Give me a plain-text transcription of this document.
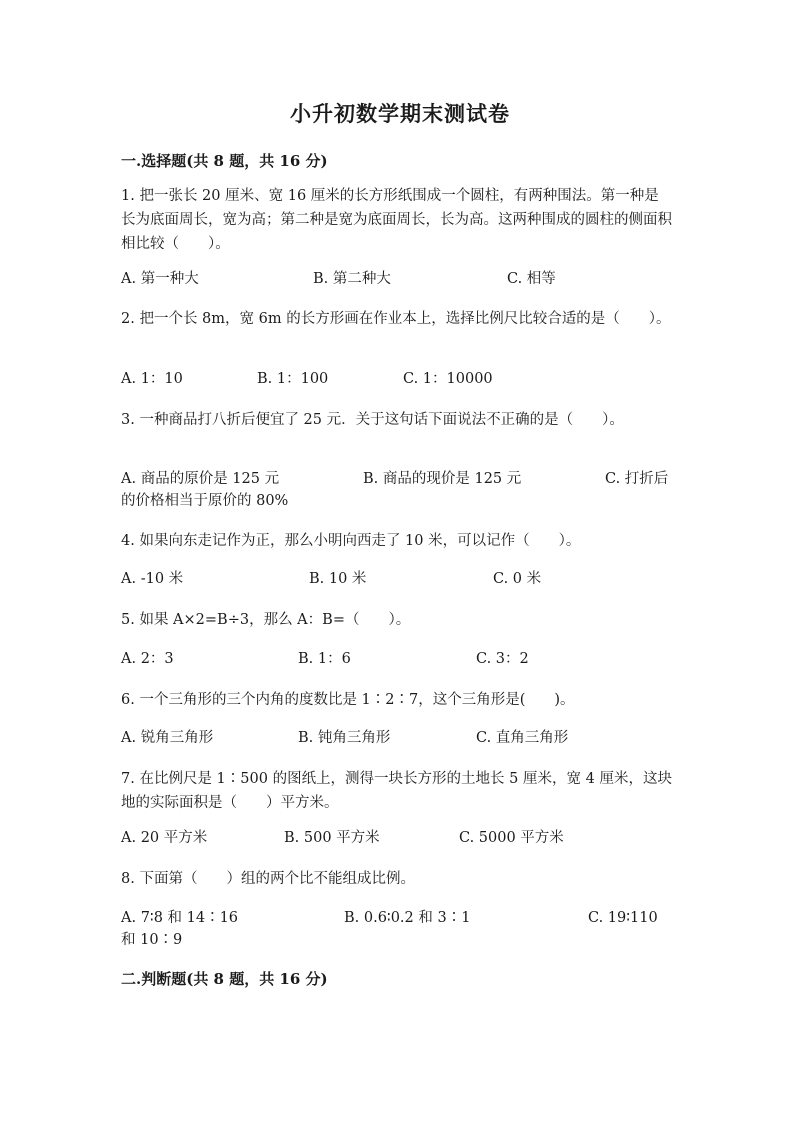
小升初数学期末测试卷

一.选择题(共 8 题，共 16 分)

1. 把一张长 20 厘米、宽 16 厘米的长方形纸围成一个圆柱，有两种围法。第一种是长为底面周长，宽为高；第二种是宽为底面周长，长为高。这两种围成的圆柱的侧面积相比较（　　）。

A. 第一种大	B. 第二种大	C. 相等

2. 把一个长 8m，宽 6m 的长方形画在作业本上，选择比例尺比较合适的是（　　）。

A. 1：10	B. 1：100	C. 1：10000

3. 一种商品打八折后便宜了 25 元．关于这句话下面说法不正确的是（　　）。

A. 商品的原价是 125 元	B. 商品的现价是 125 元	C. 打折后
的价格相当于原价的 80%

4. 如果向东走记作为正，那么小明向西走了 10 米，可以记作（　　）。

A. -10 米	B. 10 米	C. 0 米

5. 如果 A×2=B÷3，那么 A：B=（　　）。

A. 2：3	B. 1：6	C. 3：2

6. 一个三角形的三个内角的度数比是 1∶2∶7，这个三角形是(　　)。

A. 锐角三角形	B. 钝角三角形	C. 直角三角形

7. 在比例尺是 1∶500 的图纸上，测得一块长方形的土地长 5 厘米，宽 4 厘米，这块地的实际面积是（　　）平方米。

A. 20 平方米	B. 500 平方米	C. 5000 平方米

8. 下面第（　　）组的两个比不能组成比例。

A. 7∶8 和 14∶16	B. 0.6∶0.2 和 3∶1	C. 19∶110
和 10∶9

二.判断题(共 8 题，共 16 分)
